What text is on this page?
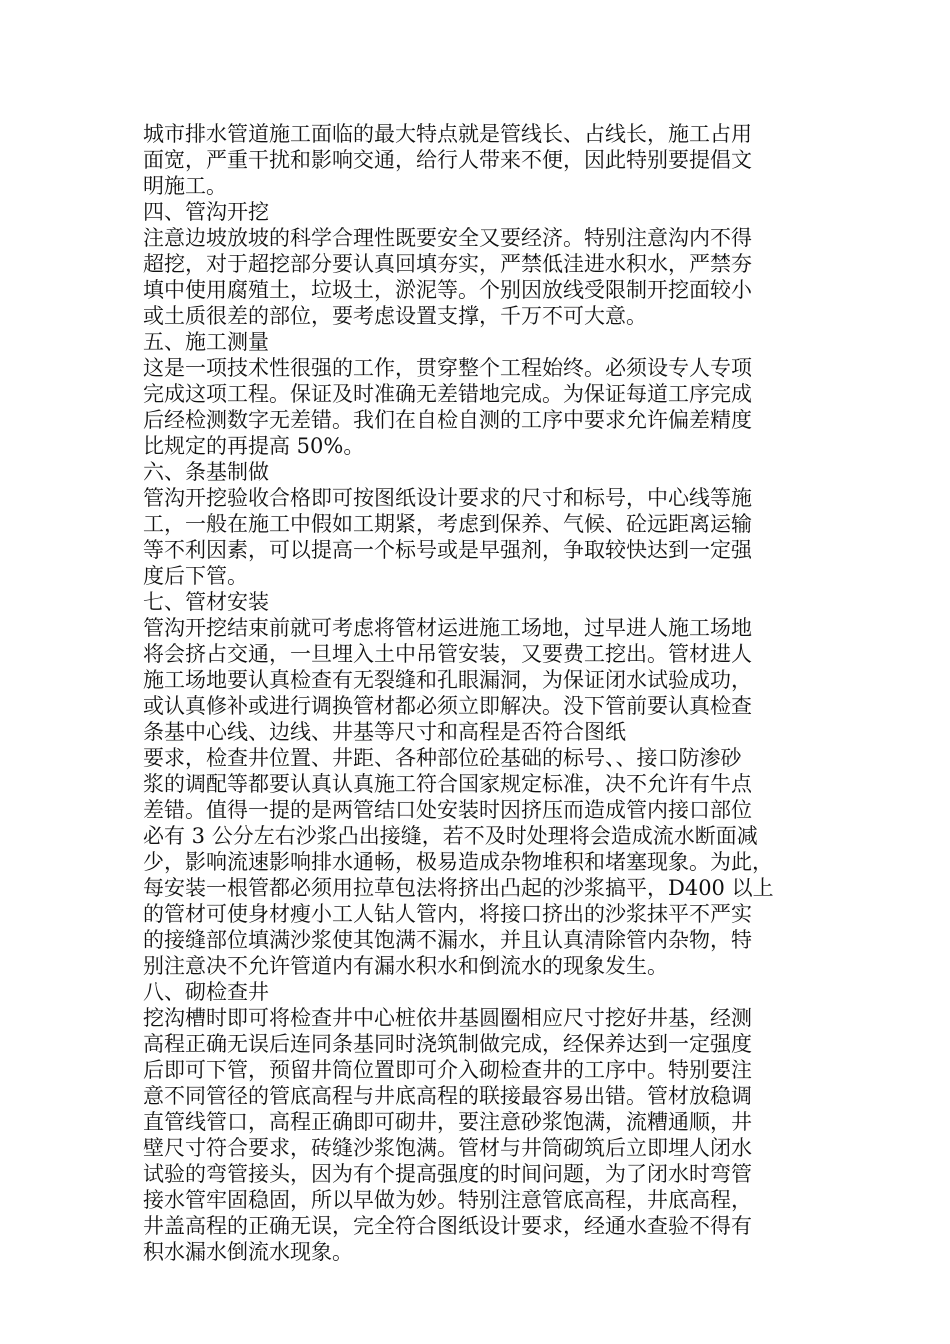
城市排水管道施工面临的最大特点就是管线长、占线长，施工占用
面宽，严重干扰和影响交通，给行人带来不便，因此特别要提倡文
明施工。
四、管沟开挖
注意边坡放坡的科学合理性既要安全又要经济。特别注意沟内不得
超挖，对于超挖部分要认真回填夯实，严禁低洼进水积水，严禁夯
填中使用腐殖土，垃圾土，淤泥等。个别因放线受限制开挖面较小
或土质很差的部位，要考虑设置支撑，千万不可大意。
五、施工测量
这是一项技术性很强的工作，贯穿整个工程始终。必须设专人专项
完成这项工程。保证及时准确无差错地完成。为保证每道工序完成
后经检测数字无差错。我们在自检自测的工序中要求允许偏差精度
比规定的再提高 50%。
六、条基制做
管沟开挖验收合格即可按图纸设计要求的尺寸和标号，中心线等施
工，一般在施工中假如工期紧，考虑到保养、气候、砼远距离运输
等不利因素，可以提高一个标号或是早强剂，争取较快达到一定强
度后下管。
七、管材安装
管沟开挖结束前就可考虑将管材运进施工场地，过早进人施工场地
将会挤占交通，一旦埋入土中吊管安装，又要费工挖出。管材进人
施工场地要认真检查有无裂缝和孔眼漏洞，为保证闭水试验成功，
或认真修补或进行调换管材都必须立即解决。没下管前要认真检查
条基中心线、边线、井基等尺寸和高程是否符合图纸
要求，检查井位置、井距、各种部位砼基础的标号、、接口防渗砂
浆的调配等都要认真认真施工符合国家规定标准，决不允许有牛点
差错。值得一提的是两管结口处安装时因挤压而造成管内接口部位
必有 3 公分左右沙浆凸出接缝，若不及时处理将会造成流水断面减
少，影响流速影响排水通畅，极易造成杂物堆积和堵塞现象。为此，
每安装一根管都必须用拉草包法将挤出凸起的沙浆搞平，D400 以上
的管材可使身材瘦小工人钻人管内，将接口挤出的沙浆抹平不严实
的接缝部位填满沙浆使其饱满不漏水，并且认真清除管内杂物，特
别注意决不允许管道内有漏水积水和倒流水的现象发生。
八、砌检查井
挖沟槽时即可将检查井中心桩依井基圆圈相应尺寸挖好井基，经测
高程正确无误后连同条基同时浇筑制做完成，经保养达到一定强度
后即可下管，预留井筒位置即可介入砌检查井的工序中。特别要注
意不同管径的管底高程与井底高程的联接最容易出错。管材放稳调
直管线管口，高程正确即可砌井，要注意砂浆饱满，流糟通顺，井
壁尺寸符合要求，砖缝沙浆饱满。管材与井筒砌筑后立即埋人闭水
试验的弯管接头，因为有个提高强度的时间问题，为了闭水时弯管
接水管牢固稳固，所以早做为妙。特别注意管底高程，井底高程，
井盖高程的正确无误，完全符合图纸设计要求，经通水查验不得有
积水漏水倒流水现象。
